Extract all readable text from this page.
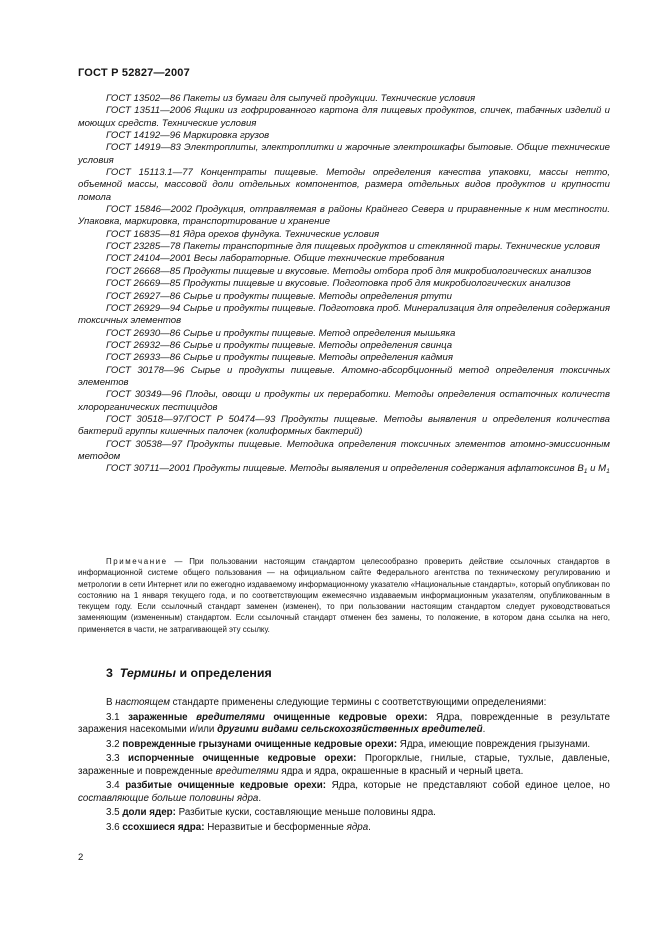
ГОСТ Р 52827—2007

ГОСТ 13502—86 Пакеты из бумаги для сыпучей продукции. Технические условия

ГОСТ 13511—2006 Ящики из гофрированного картона для пищевых продуктов, спичек, табачных изделий и моющих средств. Технические условия

ГОСТ 14192—96 Маркировка грузов

ГОСТ 14919—83 Электроплиты, электроплитки и жарочные электрошкафы бытовые. Общие технические условия

ГОСТ 15113.1—77 Концентраты пищевые. Методы определения качества упаковки, массы нетто, объемной массы, массовой доли отдельных компонентов, размера отдельных видов продуктов и крупности помола

ГОСТ 15846—2002 Продукция, отправляемая в районы Крайнего Севера и приравненные к ним местности. Упаковка, маркировка, транспортирование и хранение

ГОСТ 16835—81 Ядра орехов фундука. Технические условия

ГОСТ 23285—78 Пакеты транспортные для пищевых продуктов и стеклянной тары. Технические условия

ГОСТ 24104—2001 Весы лабораторные. Общие технические требования

ГОСТ 26668—85 Продукты пищевые и вкусовые. Методы отбора проб для микробиологических анализов

ГОСТ 26669—85 Продукты пищевые и вкусовые. Подготовка проб для микробиологических анализов

ГОСТ 26927—86 Сырье и продукты пищевые. Методы определения ртути

ГОСТ 26929—94 Сырье и продукты пищевые. Подготовка проб. Минерализация для определения содержания токсичных элементов

ГОСТ 26930—86 Сырье и продукты пищевые. Метод определения мышьяка

ГОСТ 26932—86 Сырье и продукты пищевые. Методы определения свинца

ГОСТ 26933—86 Сырье и продукты пищевые. Методы определения кадмия

ГОСТ 30178—96 Сырье и продукты пищевые. Атомно-абсорбционный метод определения токсичных элементов

ГОСТ 30349—96 Плоды, овощи и продукты их переработки. Методы определения остаточных количеств хлорорганических пестицидов

ГОСТ 30518—97/ГОСТ Р 50474—93 Продукты пищевые. Методы выявления и определения количества бактерий группы кишечных палочек (колиформных бактерий)

ГОСТ 30538—97 Продукты пищевые. Методика определения токсичных элементов атомно-эмиссионным методом

ГОСТ 30711—2001 Продукты пищевые. Методы выявления и определения содержания афлатоксинов $B_1$ и $M_1$

Примечание — При пользовании настоящим стандартом целесообразно проверить действие ссылочных стандартов в информационной системе общего пользования — на официальном сайте Федерального агентства по техническому регулированию и метрологии в сети Интернет или по ежегодно издаваемому информационному указателю «Национальные стандарты», который опубликован по состоянию на 1 января текущего года, и по соответствующим ежемесячно издаваемым информационным указателям, опубликованным в текущем году. Если ссылочный стандарт заменен (изменен), то при пользовании настоящим стандартом следует руководствоваться заменяющим (измененным) стандартом. Если ссылочный стандарт отменен без замены, то положение, в котором дана ссылка на него, применяется в части, не затрагивающей эту ссылку.

3 Термины и определения

В настоящем стандарте применены следующие термины с соответствующими определениями:

3.1 зараженные вредителями очищенные кедровые орехи: Ядра, поврежденные в результате заражения насекомыми и/или другими видами сельскохозяйственных вредителей.

3.2 поврежденные грызунами очищенные кедровые орехи: Ядра, имеющие повреждения грызунами.

3.3 испорченные очищенные кедровые орехи: Прогорклые, гнилые, старые, тухлые, давленые, зараженные и поврежденные вредителями ядра и ядра, окрашенные в красный и черный цвета.

3.4 разбитые очищенные кедровые орехи: Ядра, которые не представляют собой единое целое, но составляющие больше половины ядра.

3.5 доли ядер: Разбитые куски, составляющие меньше половины ядра.

3.6 ссохшиеся ядра: Неразвитые и бесформенные ядра.

2
